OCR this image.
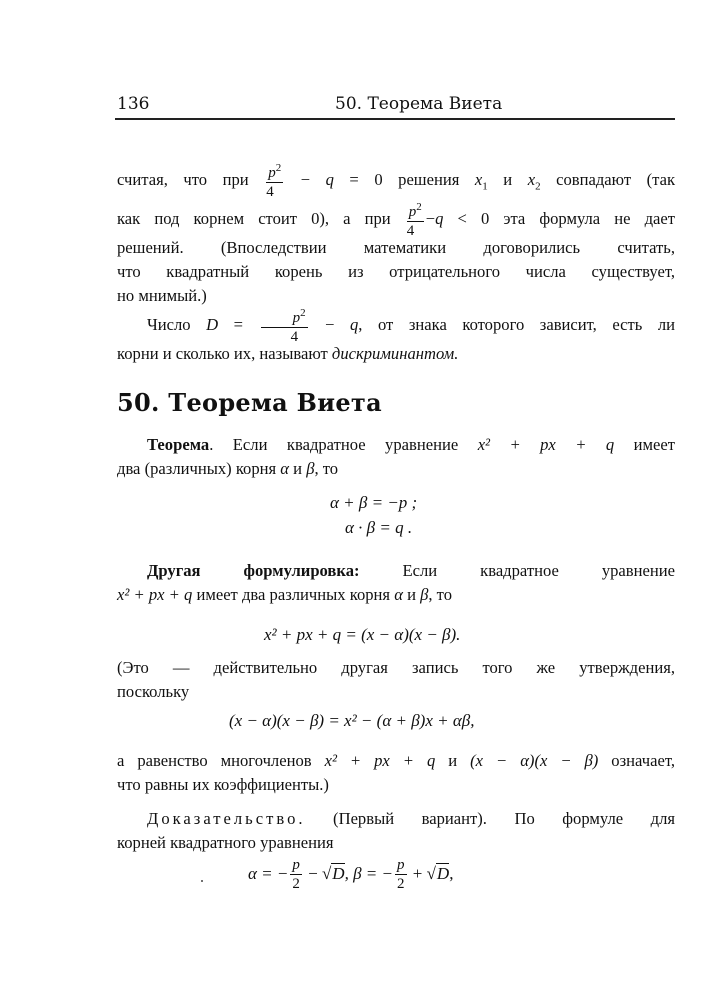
136	50. Теорема Виета
считая, что при $\frac{p^2}{4} - q = 0$ решения $x_1$ и $x_2$ совпадают (так
как под корнем стоит 0), а при $\frac{p^2}{4} -q < 0$ эта формула не дает
решений. (Впоследствии математики договорились считать,
что квадратный корень из отрицательного числа существует,
но мнимый.)
Число $D = \frac{p^2}{4} - q$, от знака которого зависит, есть ли
корни и сколько их, называют дискриминантом.
50. Теорема Виета
Теорема. Если квадратное уравнение x² + px + q имеет
два (различных) корня α и β, то
α + β = −p ;
α · β = q .
Другая формулировка: Если квадратное уравнение
x² + px + q имеет два различных корня α и β, то
x² + px + q = (x − α)(x − β).
(Это — действительно другая запись того же утверждения,
поскольку
(x − α)(x − β) = x² − (α + β)x + αβ,
а равенство многочленов x² + px + q и (x − α)(x − β) означает,
что равны их коэффициенты.)
Доказательство. (Первый вариант). По формуле для
корней квадратного уравнения
α = − $\frac{p}{2} - √D$, β = − $\frac{p}{2} + √D$,
